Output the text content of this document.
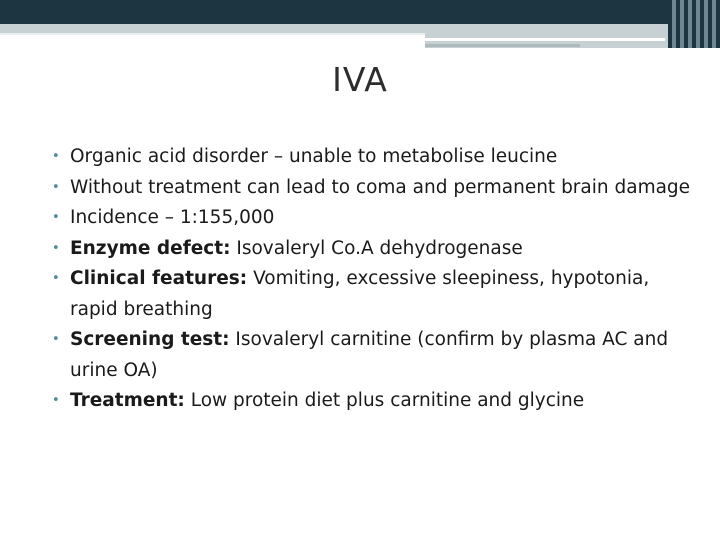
IVA
• Organic acid disorder – unable to metabolise leucine
• Without treatment can lead to coma and permanent brain damage
• Incidence – 1:155,000
• Enzyme defect: Isovaleryl Co.A dehydrogenase
• Clinical features: Vomiting, excessive sleepiness, hypotonia, rapid breathing
• Screening test: Isovaleryl carnitine (confirm by plasma AC and urine OA)
• Treatment: Low protein diet plus carnitine and glycine
